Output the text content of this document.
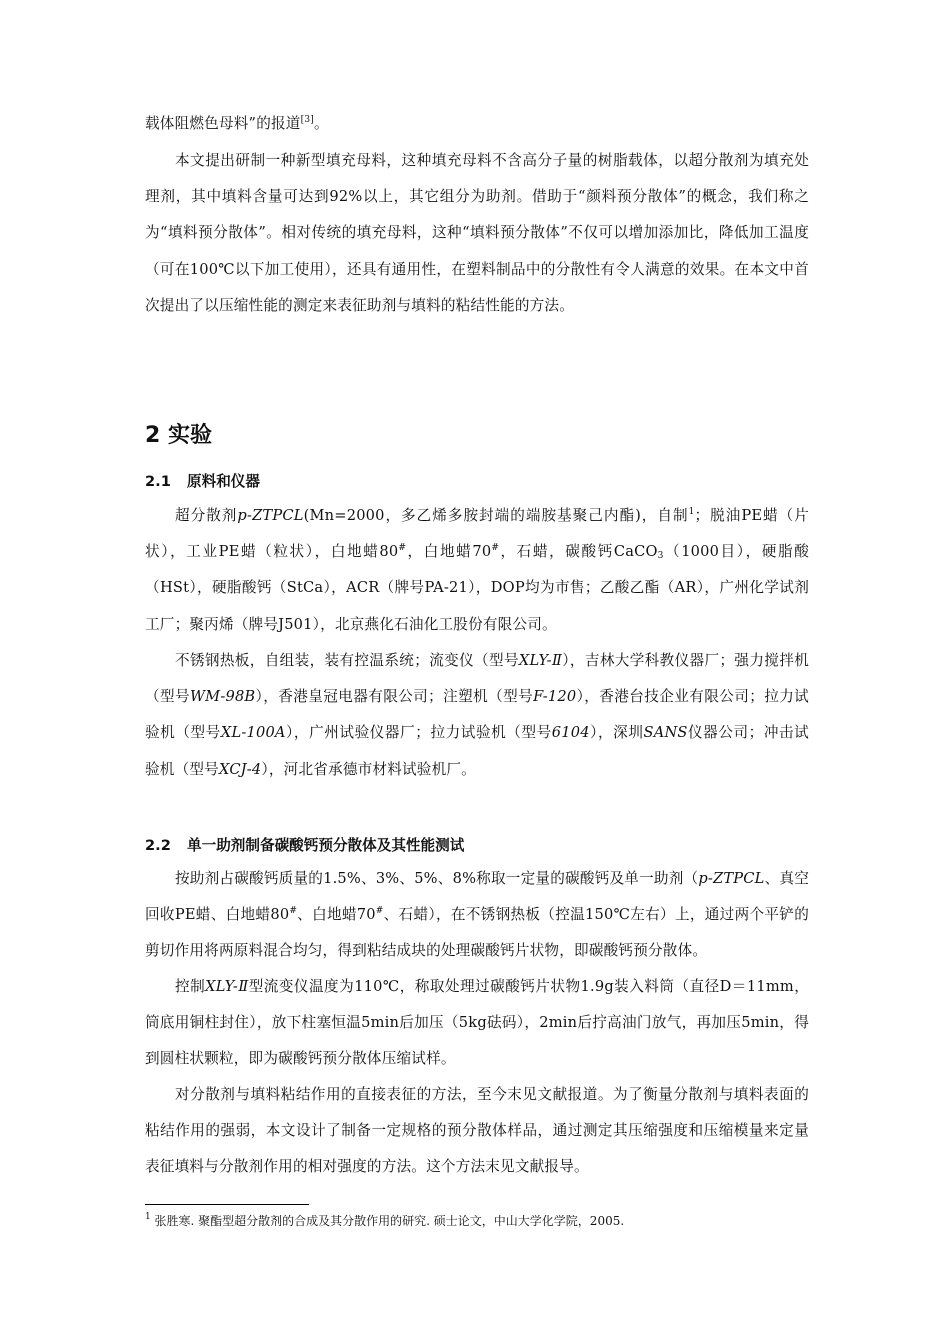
载体阻燃色母料”的报道[3]。

本文提出研制一种新型填充母料，这种填充母料不含高分子量的树脂载体，以超分散剂为填充处理剂，其中填料含量可达到92%以上，其它组分为助剂。借助于“颜料预分散体”的概念，我们称之为“填料预分散体”。相对传统的填充母料，这种“填料预分散体”不仅可以增加添加比，降低加工温度（可在100℃以下加工使用），还具有通用性，在塑料制品中的分散性有令人满意的效果。在本文中首次提出了以压缩性能的测定来表征助剂与填料的粘结性能的方法。

2 实验
2.1 原料和仪器

超分散剂p-ZTPCL(Mn=2000，多乙烯多胺封端的端胺基聚己内酯)，自制$^1$；脱油PE蜡（片状），工业PE蜡（粒状），白地蜡80#，白地蜡70#，石蜡，碳酸钙CaCO$_3$（1000目），硬脂酸（HSt），硬脂酸钙（StCa），ACR（牌号PA-21），DOP均为市售；乙酸乙酯（AR），广州化学试剂工厂；聚丙烯（牌号J501），北京燕化石油化工股份有限公司。

不锈钢热板，自组装，装有控温系统；流变仪（型号XLY-Ⅱ），吉林大学科教仪器厂；强力搅拌机　（型号WM-98B），香港皇冠电器有限公司；注塑机（型号F-120），香港台技企业有限公司；拉力试验机（型号XL-100A），广州试验仪器厂；拉力试验机（型号6104），深圳SANS仪器公司；冲击试验机（型号XCJ-4），河北省承德市材料试验机厂。

2.2 单一助剂制备碳酸钙预分散体及其性能测试

按助剂占碳酸钙质量的1.5%、3%、5%、8%称取一定量的碳酸钙及单一助剂（p-ZTPCL、真空回收PE蜡、白地蜡80#、白地蜡70#、石蜡），在不锈钢热板（控温150℃左右）上，通过两个平铲的剪切作用将两原料混合均匀，得到粘结成块的处理碳酸钙片状物，即碳酸钙预分散体。

控制XLY-Ⅱ型流变仪温度为110℃，称取处理过碳酸钙片状物1.9g装入料筒（直径D＝11mm，筒底用铜柱封住），放下柱塞恒温5min后加压（5kg砝码），2min后拧高油门放气，再加压5min，得到圆柱状颗粒，即为碳酸钙预分散体压缩试样。

对分散剂与填料粘结作用的直接表征的方法，至今末见文献报道。为了衡量分散剂与填料表面的粘结作用的强弱，本文设计了制备一定规格的预分散体样品，通过测定其压缩强度和压缩模量来定量表征填料与分散剂作用的相对强度的方法。这个方法末见文献报导。

$^1$ 张胜寒. 聚酯型超分散剂的合成及其分散作用的研究. 硕士论文，中山大学化学院，2005.
